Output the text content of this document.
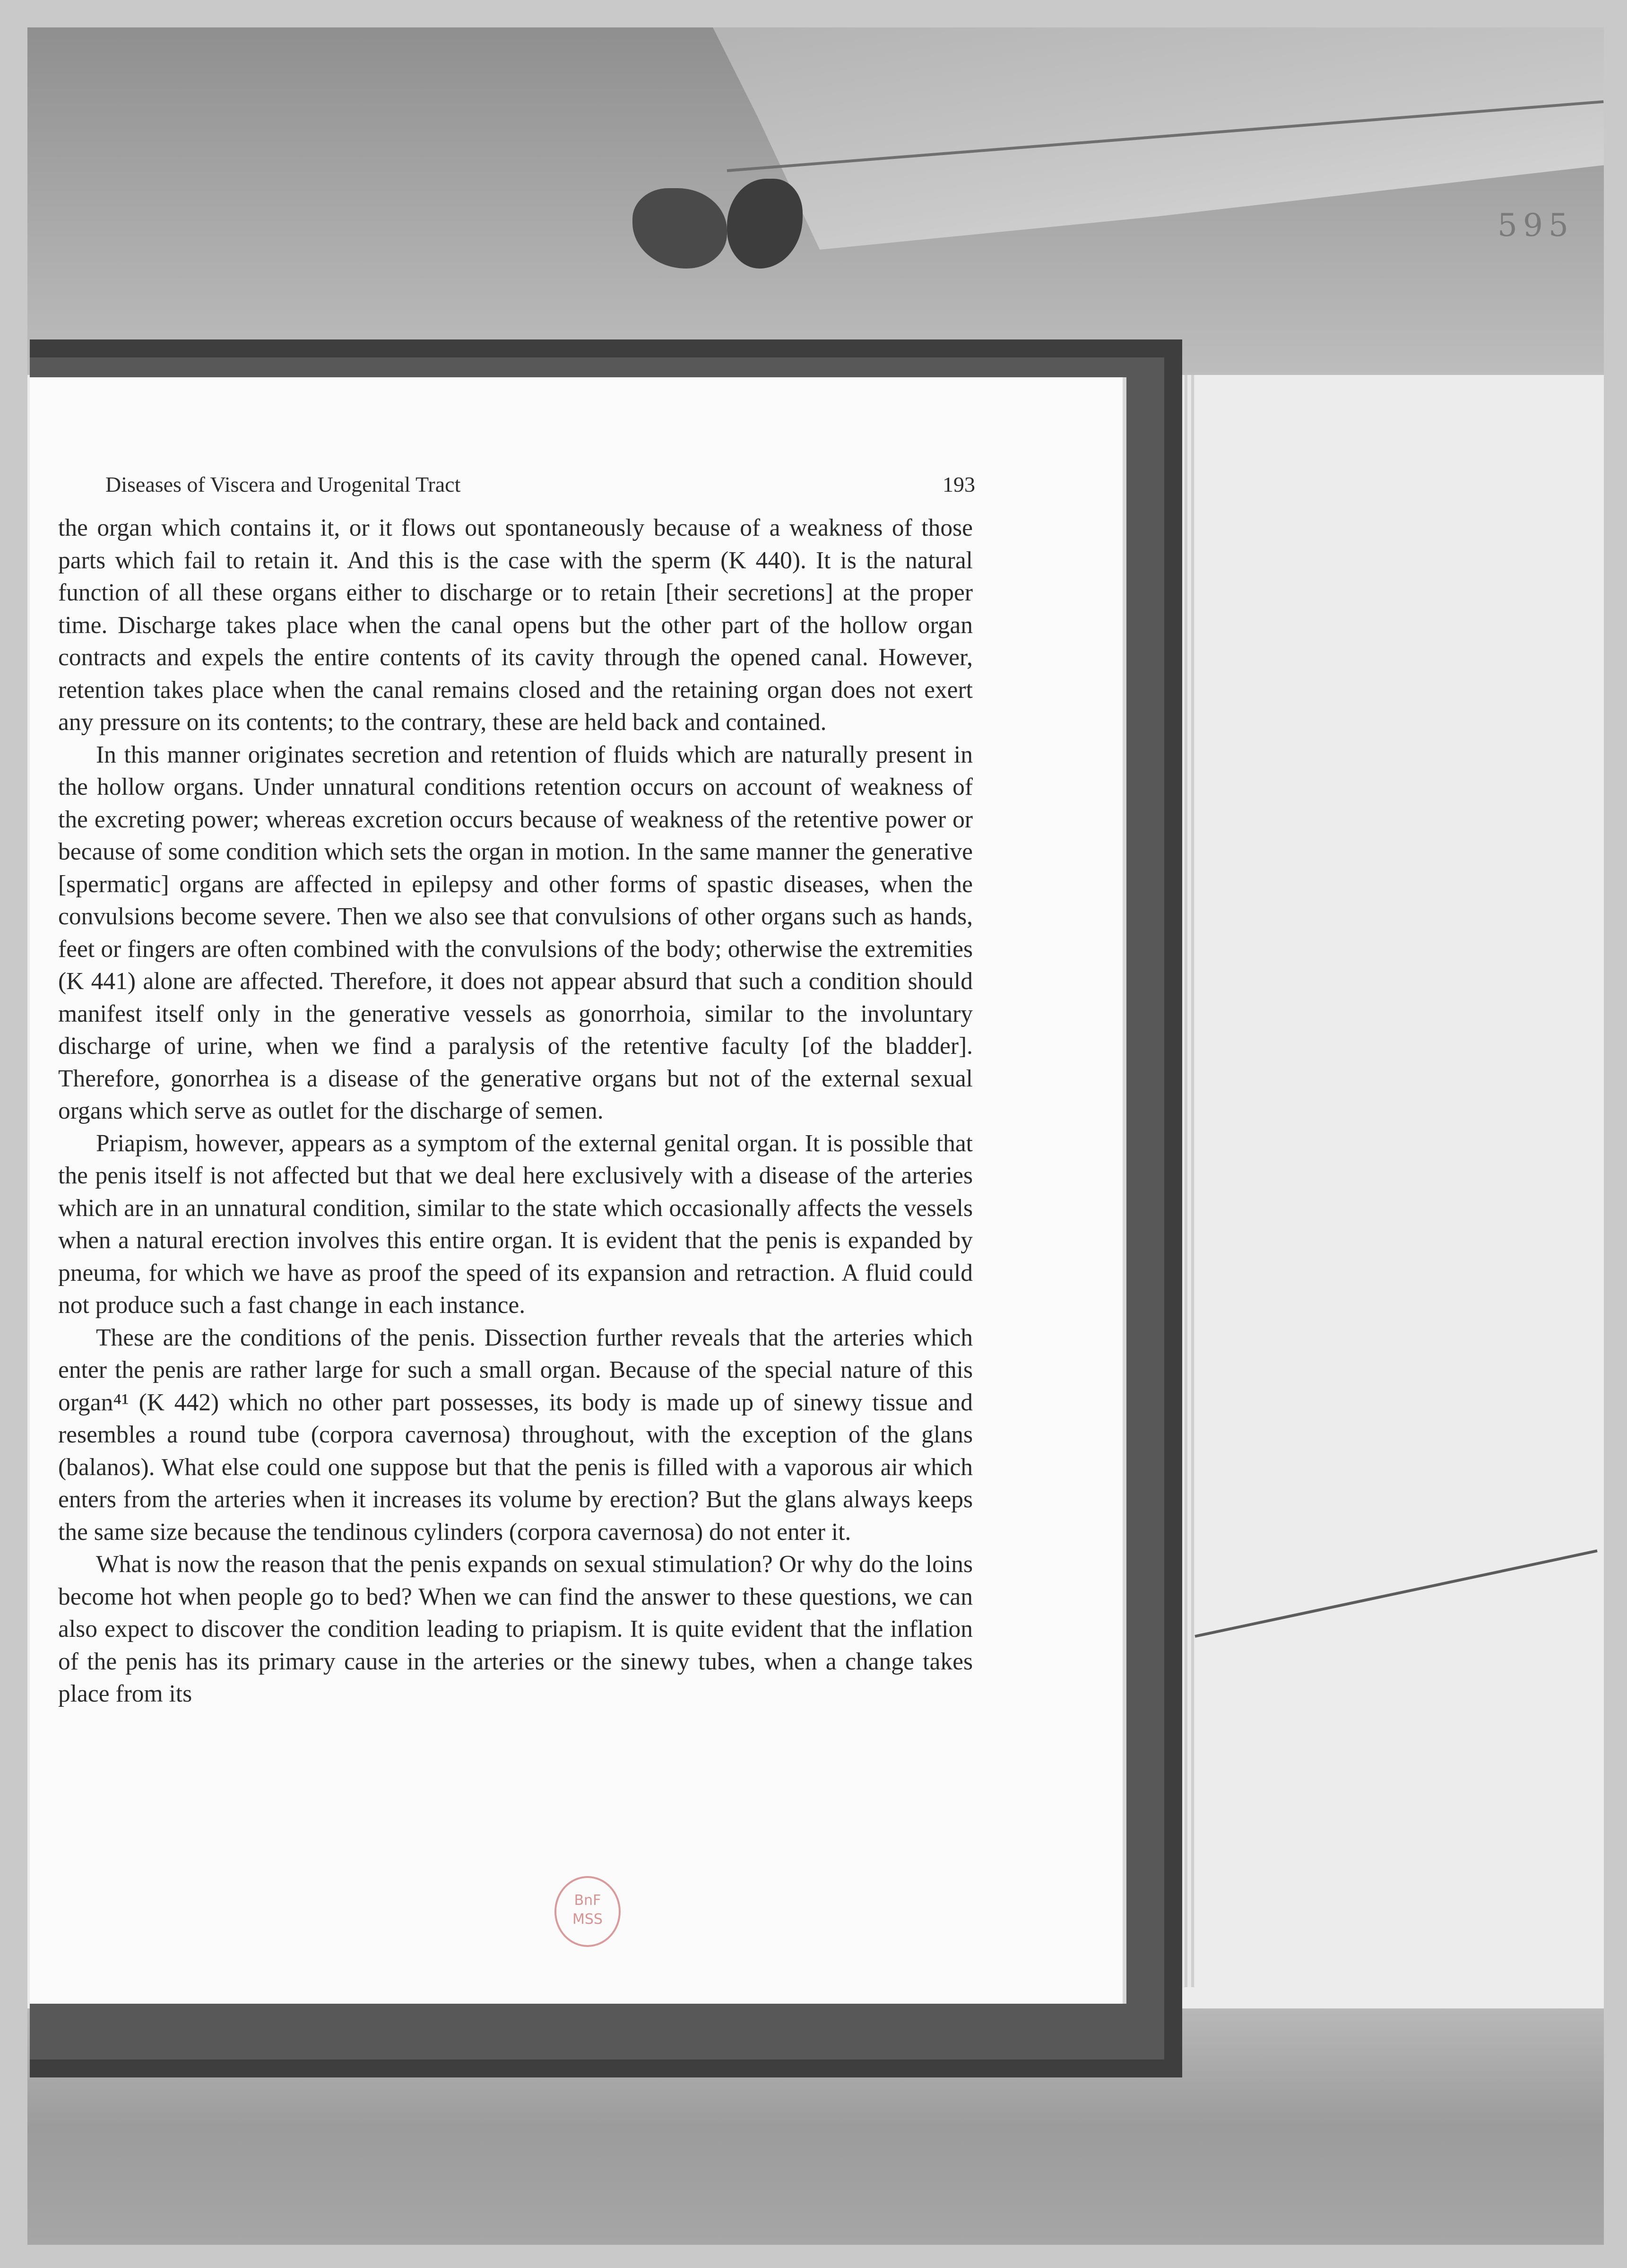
595
Diseases of Viscera and Urogenital Tract	193

the organ which contains it, or it flows out spontaneously because of a weakness of those parts which fail to retain it. And this is the case with the sperm (K 440). It is the natural function of all these organs either to discharge or to retain [their secretions] at the proper time. Discharge takes place when the canal opens but the other part of the hollow organ contracts and expels the entire contents of its cavity through the opened canal. However, retention takes place when the canal remains closed and the retaining organ does not exert any pressure on its contents; to the contrary, these are held back and contained.

In this manner originates secretion and retention of fluids which are naturally present in the hollow organs. Under unnatural conditions retention occurs on account of weakness of the excreting power; whereas excretion occurs because of weakness of the retentive power or because of some condition which sets the organ in motion. In the same manner the generative [spermatic] organs are affected in epilepsy and other forms of spastic diseases, when the convulsions become severe. Then we also see that convulsions of other organs such as hands, feet or fingers are often combined with the convulsions of the body; otherwise the extremities (K 441) alone are affected. Therefore, it does not appear absurd that such a condition should manifest itself only in the generative vessels as gonorrhoia, similar to the involuntary discharge of urine, when we find a paralysis of the retentive faculty [of the bladder]. Therefore, gonorrhea is a disease of the generative organs but not of the external sexual organs which serve as outlet for the discharge of semen.

Priapism, however, appears as a symptom of the external genital organ. It is possible that the penis itself is not affected but that we deal here exclusively with a disease of the arteries which are in an unnatural condition, similar to the state which occasionally affects the vessels when a natural erection involves this entire organ. It is evident that the penis is expanded by pneuma, for which we have as proof the speed of its expansion and retraction. A fluid could not produce such a fast change in each instance.

These are the conditions of the penis. Dissection further reveals that the arteries which enter the penis are rather large for such a small organ. Because of the special nature of this organ⁴¹ (K 442) which no other part possesses, its body is made up of sinewy tissue and resembles a round tube (corpora cavernosa) throughout, with the exception of the glans (balanos). What else could one suppose but that the penis is filled with a vaporous air which enters from the arteries when it increases its volume by erection? But the glans always keeps the same size because the tendinous cylinders (corpora cavernosa) do not enter it.

What is now the reason that the penis expands on sexual stimulation? Or why do the loins become hot when people go to bed? When we can find the answer to these questions, we can also expect to discover the condition leading to priapism. It is quite evident that the inflation of the penis has its primary cause in the arteries or the sinewy tubes, when a change takes place from its

BnF
MSS
